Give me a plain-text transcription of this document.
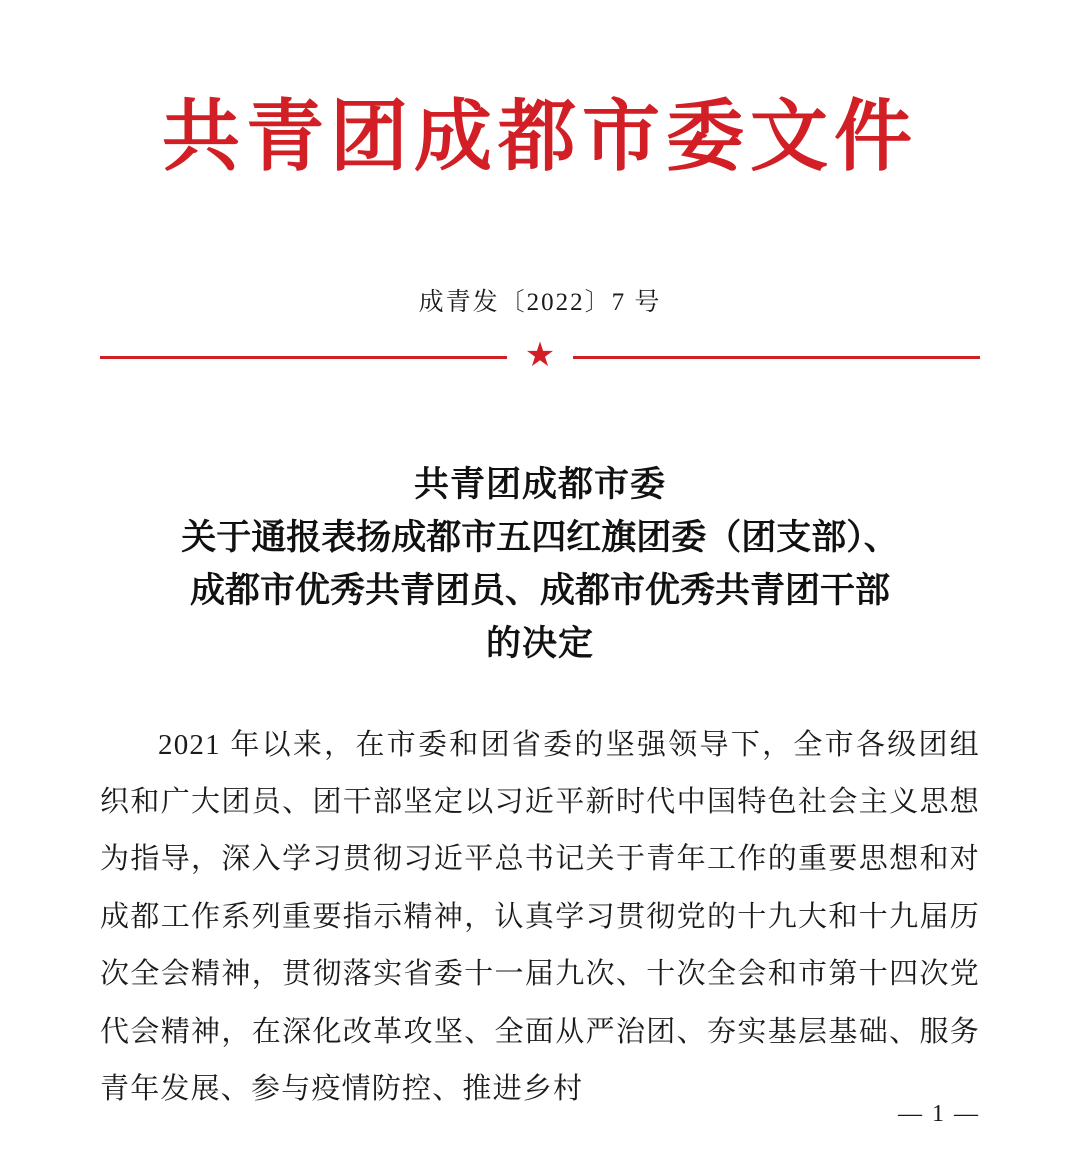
共青团成都市委文件
成青发〔2022〕7 号
★
共青团成都市委
关于通报表扬成都市五四红旗团委（团支部）、
成都市优秀共青团员、成都市优秀共青团干部
的决定

2021 年以来，在市委和团省委的坚强领导下，全市各级团组织和广大团员、团干部坚定以习近平新时代中国特色社会主义思想为指导，深入学习贯彻习近平总书记关于青年工作的重要思想和对成都工作系列重要指示精神，认真学习贯彻党的十九大和十九届历次全会精神，贯彻落实省委十一届九次、十次全会和市第十四次党代会精神，在深化改革攻坚、全面从严治团、夯实基层基础、服务青年发展、参与疫情防控、推进乡村

— 1 —
